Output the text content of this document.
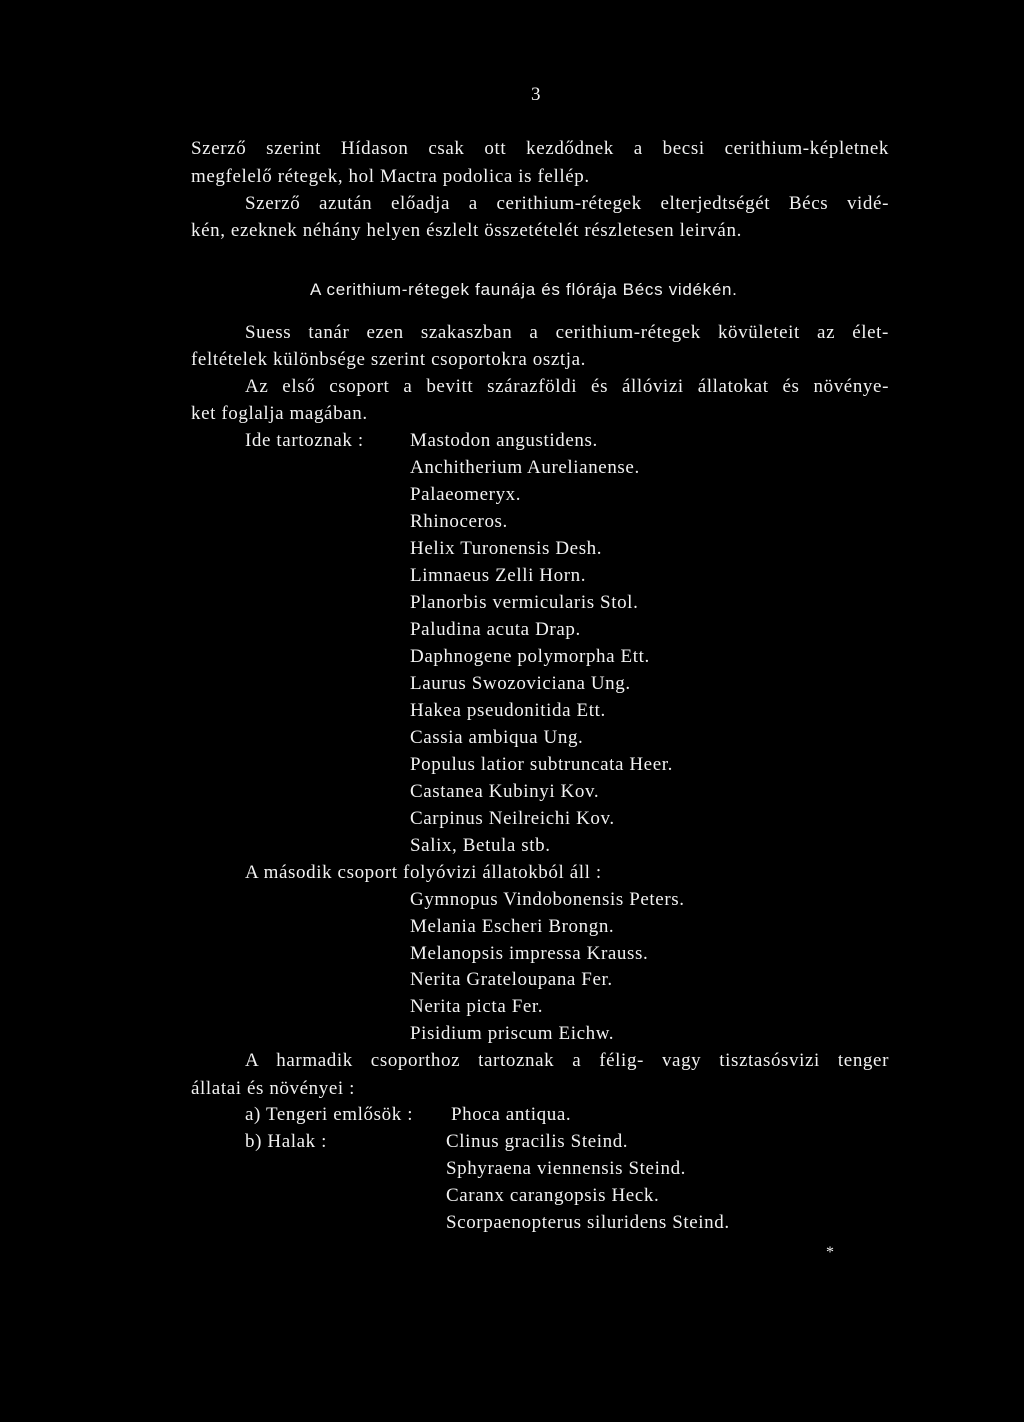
3
Szerző szerint Hídason csak ott kezdődnek a becsi cerithium-képletnek
megfelelő rétegek, hol Mactra podolica is fellép.
Szerző azután előadja a cerithium-rétegek elterjedtségét Bécs vidé-
kén, ezeknek néhány helyen észlelt összetételét részletesen leirván.
A cerithium-rétegek faunája és flórája Bécs vidékén.
Suess tanár ezen szakaszban a cerithium-rétegek kövületeit az élet-
feltételek különbsége szerint csoportokra osztja.
Az első csoport a bevitt szárazföldi és állóvizi állatokat és növénye-
ket foglalja magában.
Ide tartoznak : Mastodon angustidens.
Anchitherium Aurelianense.
Palaeomeryx.
Rhinoceros.
Helix Turonensis Desh.
Limnaeus Zelli Horn.
Planorbis vermicularis Stol.
Paludina acuta Drap.
Daphnogene polymorpha Ett.
Laurus Swozoviciana Ung.
Hakea pseudonitida Ett.
Cassia ambiqua Ung.
Populus latior subtruncata Heer.
Castanea Kubinyi Kov.
Carpinus Neilreichi Kov.
Salix, Betula stb.
A második csoport folyóvizi állatokból áll :
Gymnopus Vindobonensis Peters.
Melania Escheri Brongn.
Melanopsis impressa Krauss.
Nerita Grateloupana Fer.
Nerita picta Fer.
Pisidium priscum Eichw.
A harmadik csoporthoz tartoznak a félig- vagy tisztasósvizi tenger
állatai és növényei :
a) Tengeri emlősök : Phoca antiqua.
b) Halak :	Clinus gracilis Steind.
Sphyraena viennensis Steind.
Caranx carangopsis Heck.
Scorpaenopterus siluridens Steind.
*
